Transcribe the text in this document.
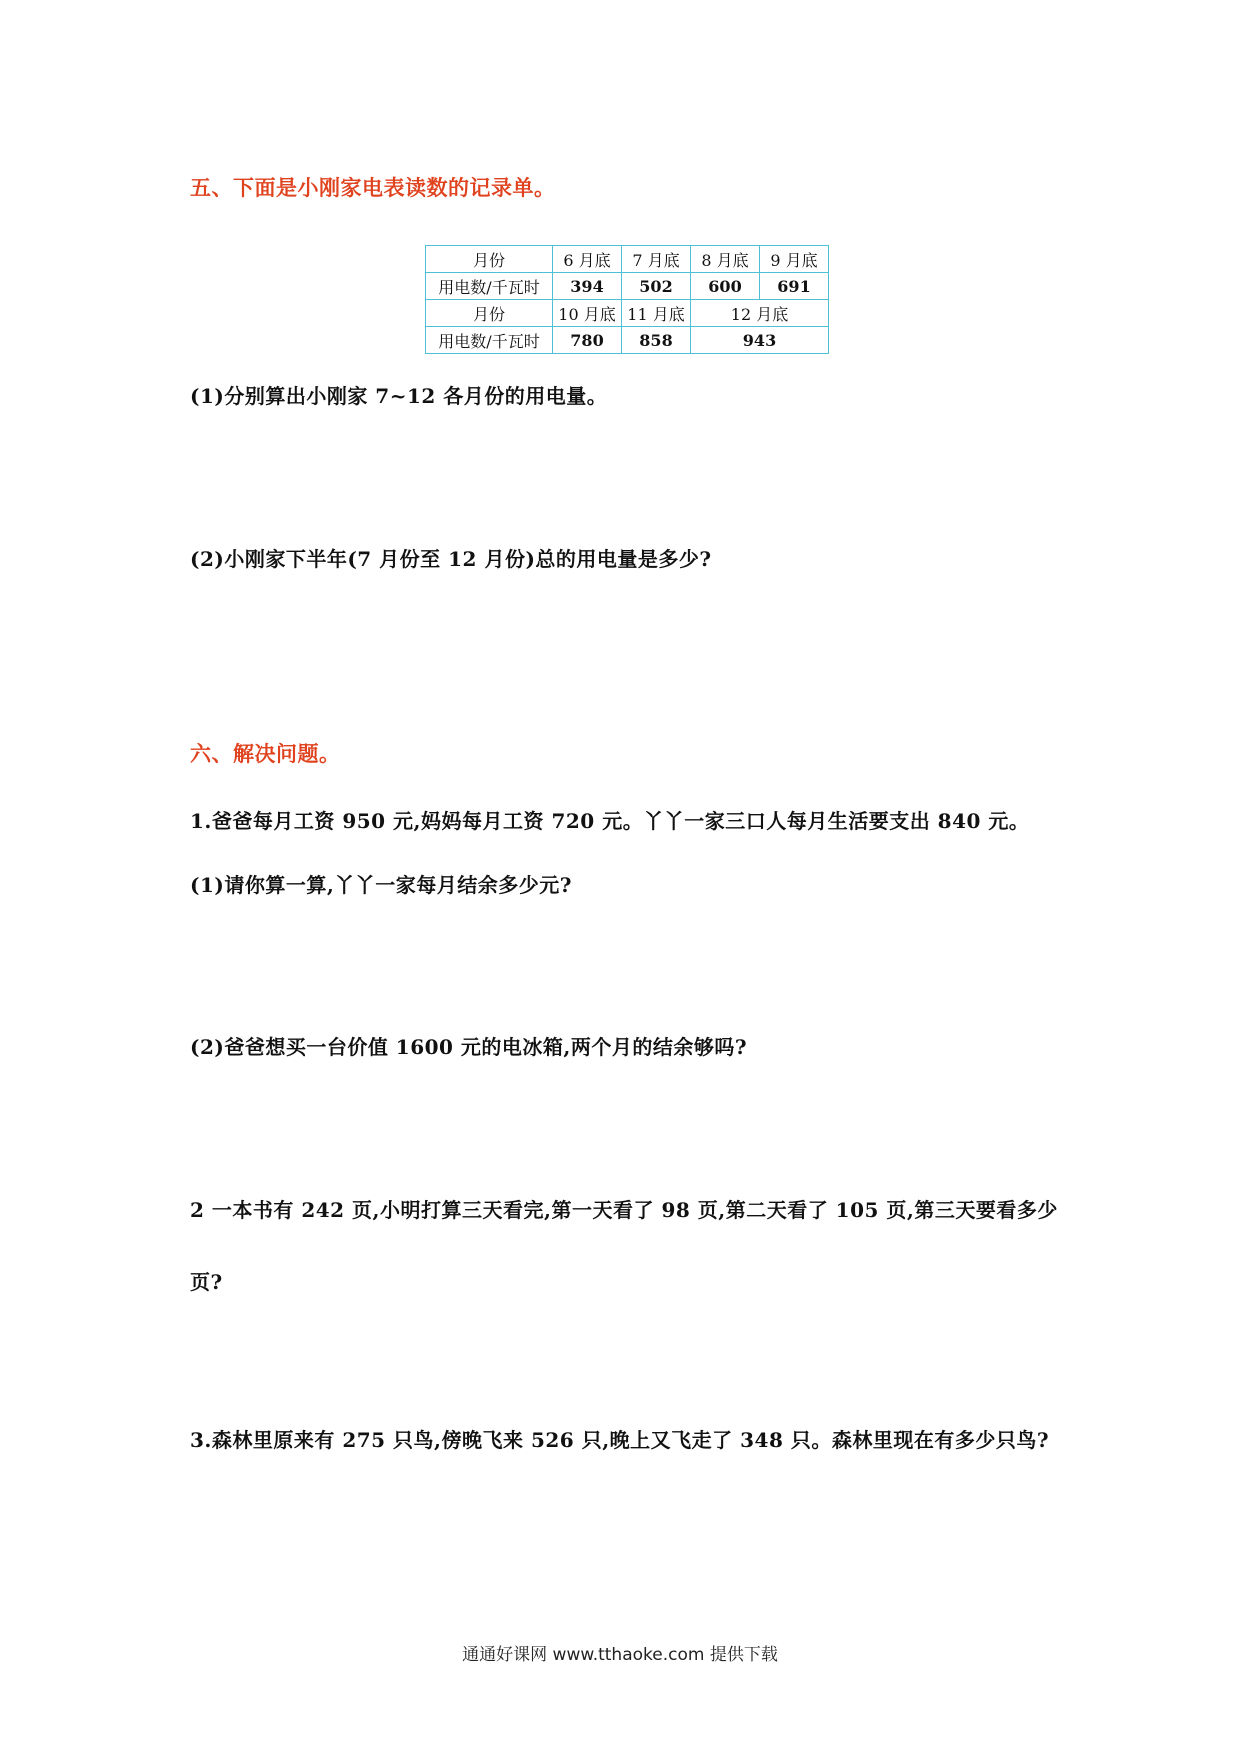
五、下面是小刚家电表读数的记录单。
月份	6 月底	7 月底	8 月底	9 月底
用电数/千瓦时	394	502	600	691
月份	10 月底	11 月底	12 月底	
用电数/千瓦时	780	858	943	
(1)分别算出小刚家 7~12 各月份的用电量。
(2)小刚家下半年(7 月份至 12 月份)总的用电量是多少?
六、解决问题。
1.爸爸每月工资 950 元,妈妈每月工资 720 元。丫丫一家三口人每月生活要支出 840 元。
(1)请你算一算,丫丫一家每月结余多少元?
(2)爸爸想买一台价值 1600 元的电冰箱,两个月的结余够吗?
2 一本书有 242 页,小明打算三天看完,第一天看了 98 页,第二天看了 105 页,第三天要看多少
页?
3.森林里原来有 275 只鸟,傍晚飞来 526 只,晚上又飞走了 348 只。森林里现在有多少只鸟?
通通好课网 www.tthaoke.com 提供下载
